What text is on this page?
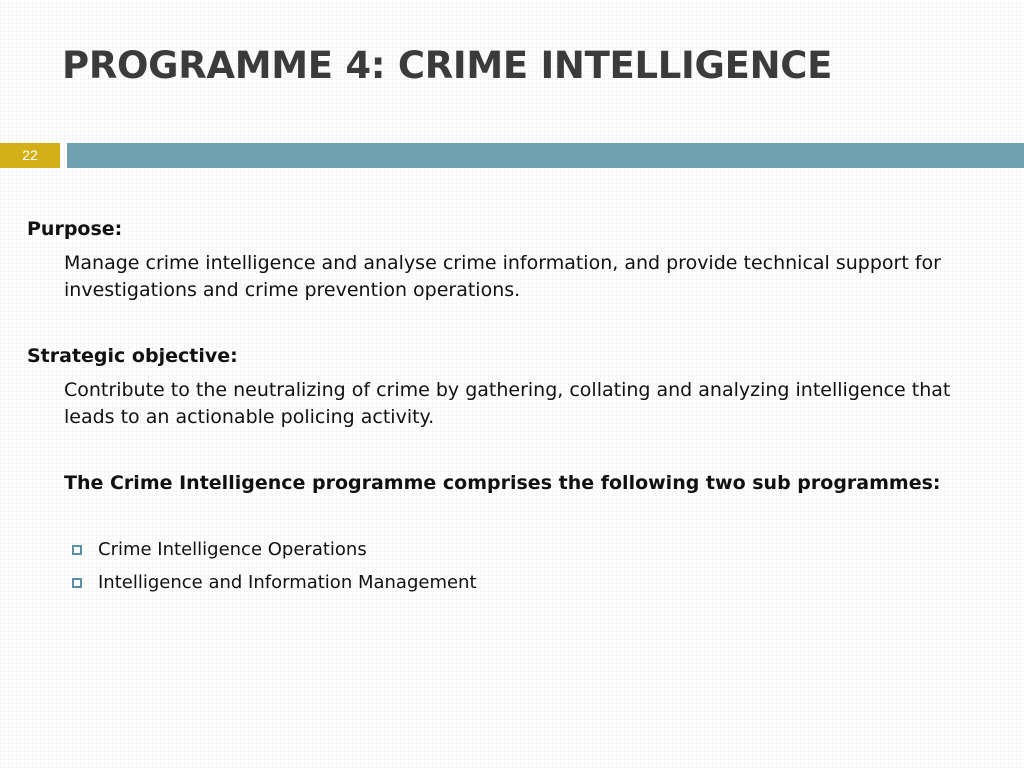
PROGRAMME 4: CRIME INTELLIGENCE
22

Purpose:

Manage crime intelligence and analyse crime information, and provide technical support for investigations and crime prevention operations.

Strategic objective:

Contribute to the neutralizing of crime by gathering, collating and analyzing intelligence that leads to an actionable policing activity.

The Crime Intelligence programme comprises the following two sub programmes:

Crime Intelligence Operations
Intelligence and Information Management
